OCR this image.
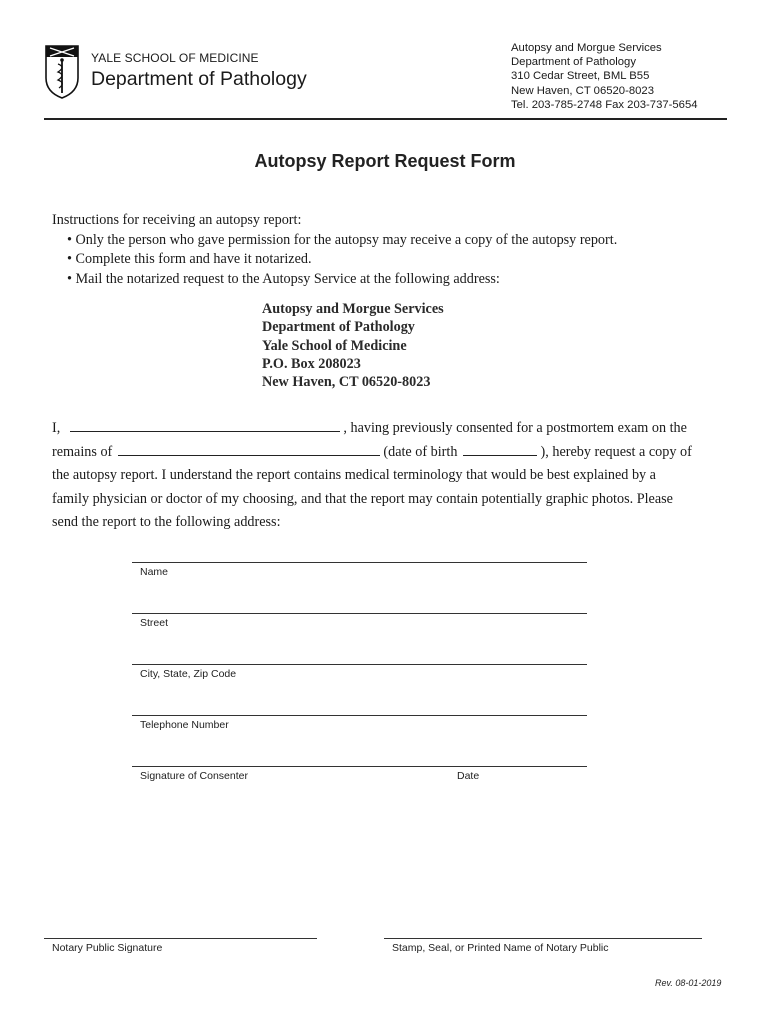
YALE SCHOOL OF MEDICINE
Department of Pathology
Autopsy and Morgue Services
Department of Pathology
310 Cedar Street, BML B55
New Haven, CT 06520-8023
Tel. 203-785-2748 Fax 203-737-5654
Autopsy Report Request Form
Instructions for receiving an autopsy report:
• Only the person who gave permission for the autopsy may receive a copy of the autopsy report.
• Complete this form and have it notarized.
• Mail the notarized request to the Autopsy Service at the following address:
Autopsy and Morgue Services
Department of Pathology
Yale School of Medicine
P.O. Box 208023
New Haven, CT 06520-8023
I,	, having previously consented for a postmortem exam on the
remains of	(date of birth	), hereby request a copy of
the autopsy report. I understand the report contains medical terminology that would be best explained by a
family physician or doctor of my choosing, and that the report may contain potentially graphic photos. Please
send the report to the following address:
Name
Street
City, State, Zip Code
Telephone Number
Signature of Consenter	Date
Notary Public Signature	Stamp, Seal, or Printed Name of Notary Public
Rev. 08-01-2019
